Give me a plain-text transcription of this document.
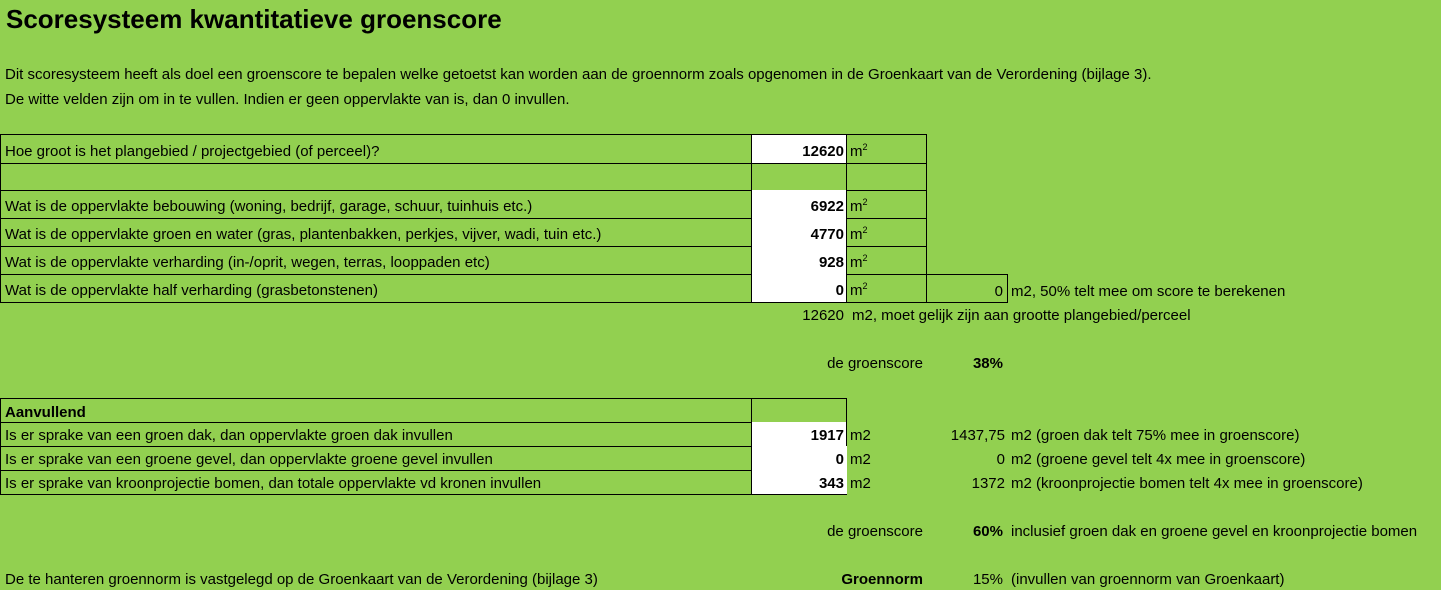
Scoresysteem kwantitatieve groenscore
Dit scoresysteem heeft als doel een groenscore te bepalen welke getoetst kan worden aan de groennorm zoals opgenomen in de Groenkaart van de Verordening (bijlage 3).
De witte velden zijn om in te vullen. Indien er geen oppervlakte van is, dan 0 invullen.
Hoe groot is het plangebied / projectgebied (of perceel)?	12620 $m^2$
Wat is de oppervlakte bebouwing (woning, bedrijf, garage, schuur, tuinhuis etc.)	6922 $m^2$
Wat is de oppervlakte groen en water (gras, plantenbakken, perkjes, vijver, wadi, tuin etc.)	4770 $m^2$
Wat is de oppervlakte verharding (in-/oprit, wegen, terras, looppaden etc)	928 $m^2$
Wat is de oppervlakte half verharding (grasbetonstenen)	0 $m^2$	0 m2, 50% telt mee om score te berekenen
12620 m2, moet gelijk zijn aan grootte plangebied/perceel
de groenscore	38%
Aanvullend
Is er sprake van een groen dak, dan oppervlakte groen dak invullen	1917 m2	1437,75 m2 (groen dak telt 75% mee in groenscore)
Is er sprake van een groene gevel, dan oppervlakte groene gevel invullen	0 m2	0 m2 (groene gevel telt 4x mee in groenscore)
Is er sprake van kroonprojectie bomen, dan totale oppervlakte vd kronen invullen	343 m2	1372 m2 (kroonprojectie bomen telt 4x mee in groenscore)
de groenscore	60% inclusief groen dak en groene gevel en kroonprojectie bomen
De te hanteren groennorm is vastgelegd op de Groenkaart van de Verordening (bijlage 3)	Groennorm	15% (invullen van groennorm van Groenkaart)
